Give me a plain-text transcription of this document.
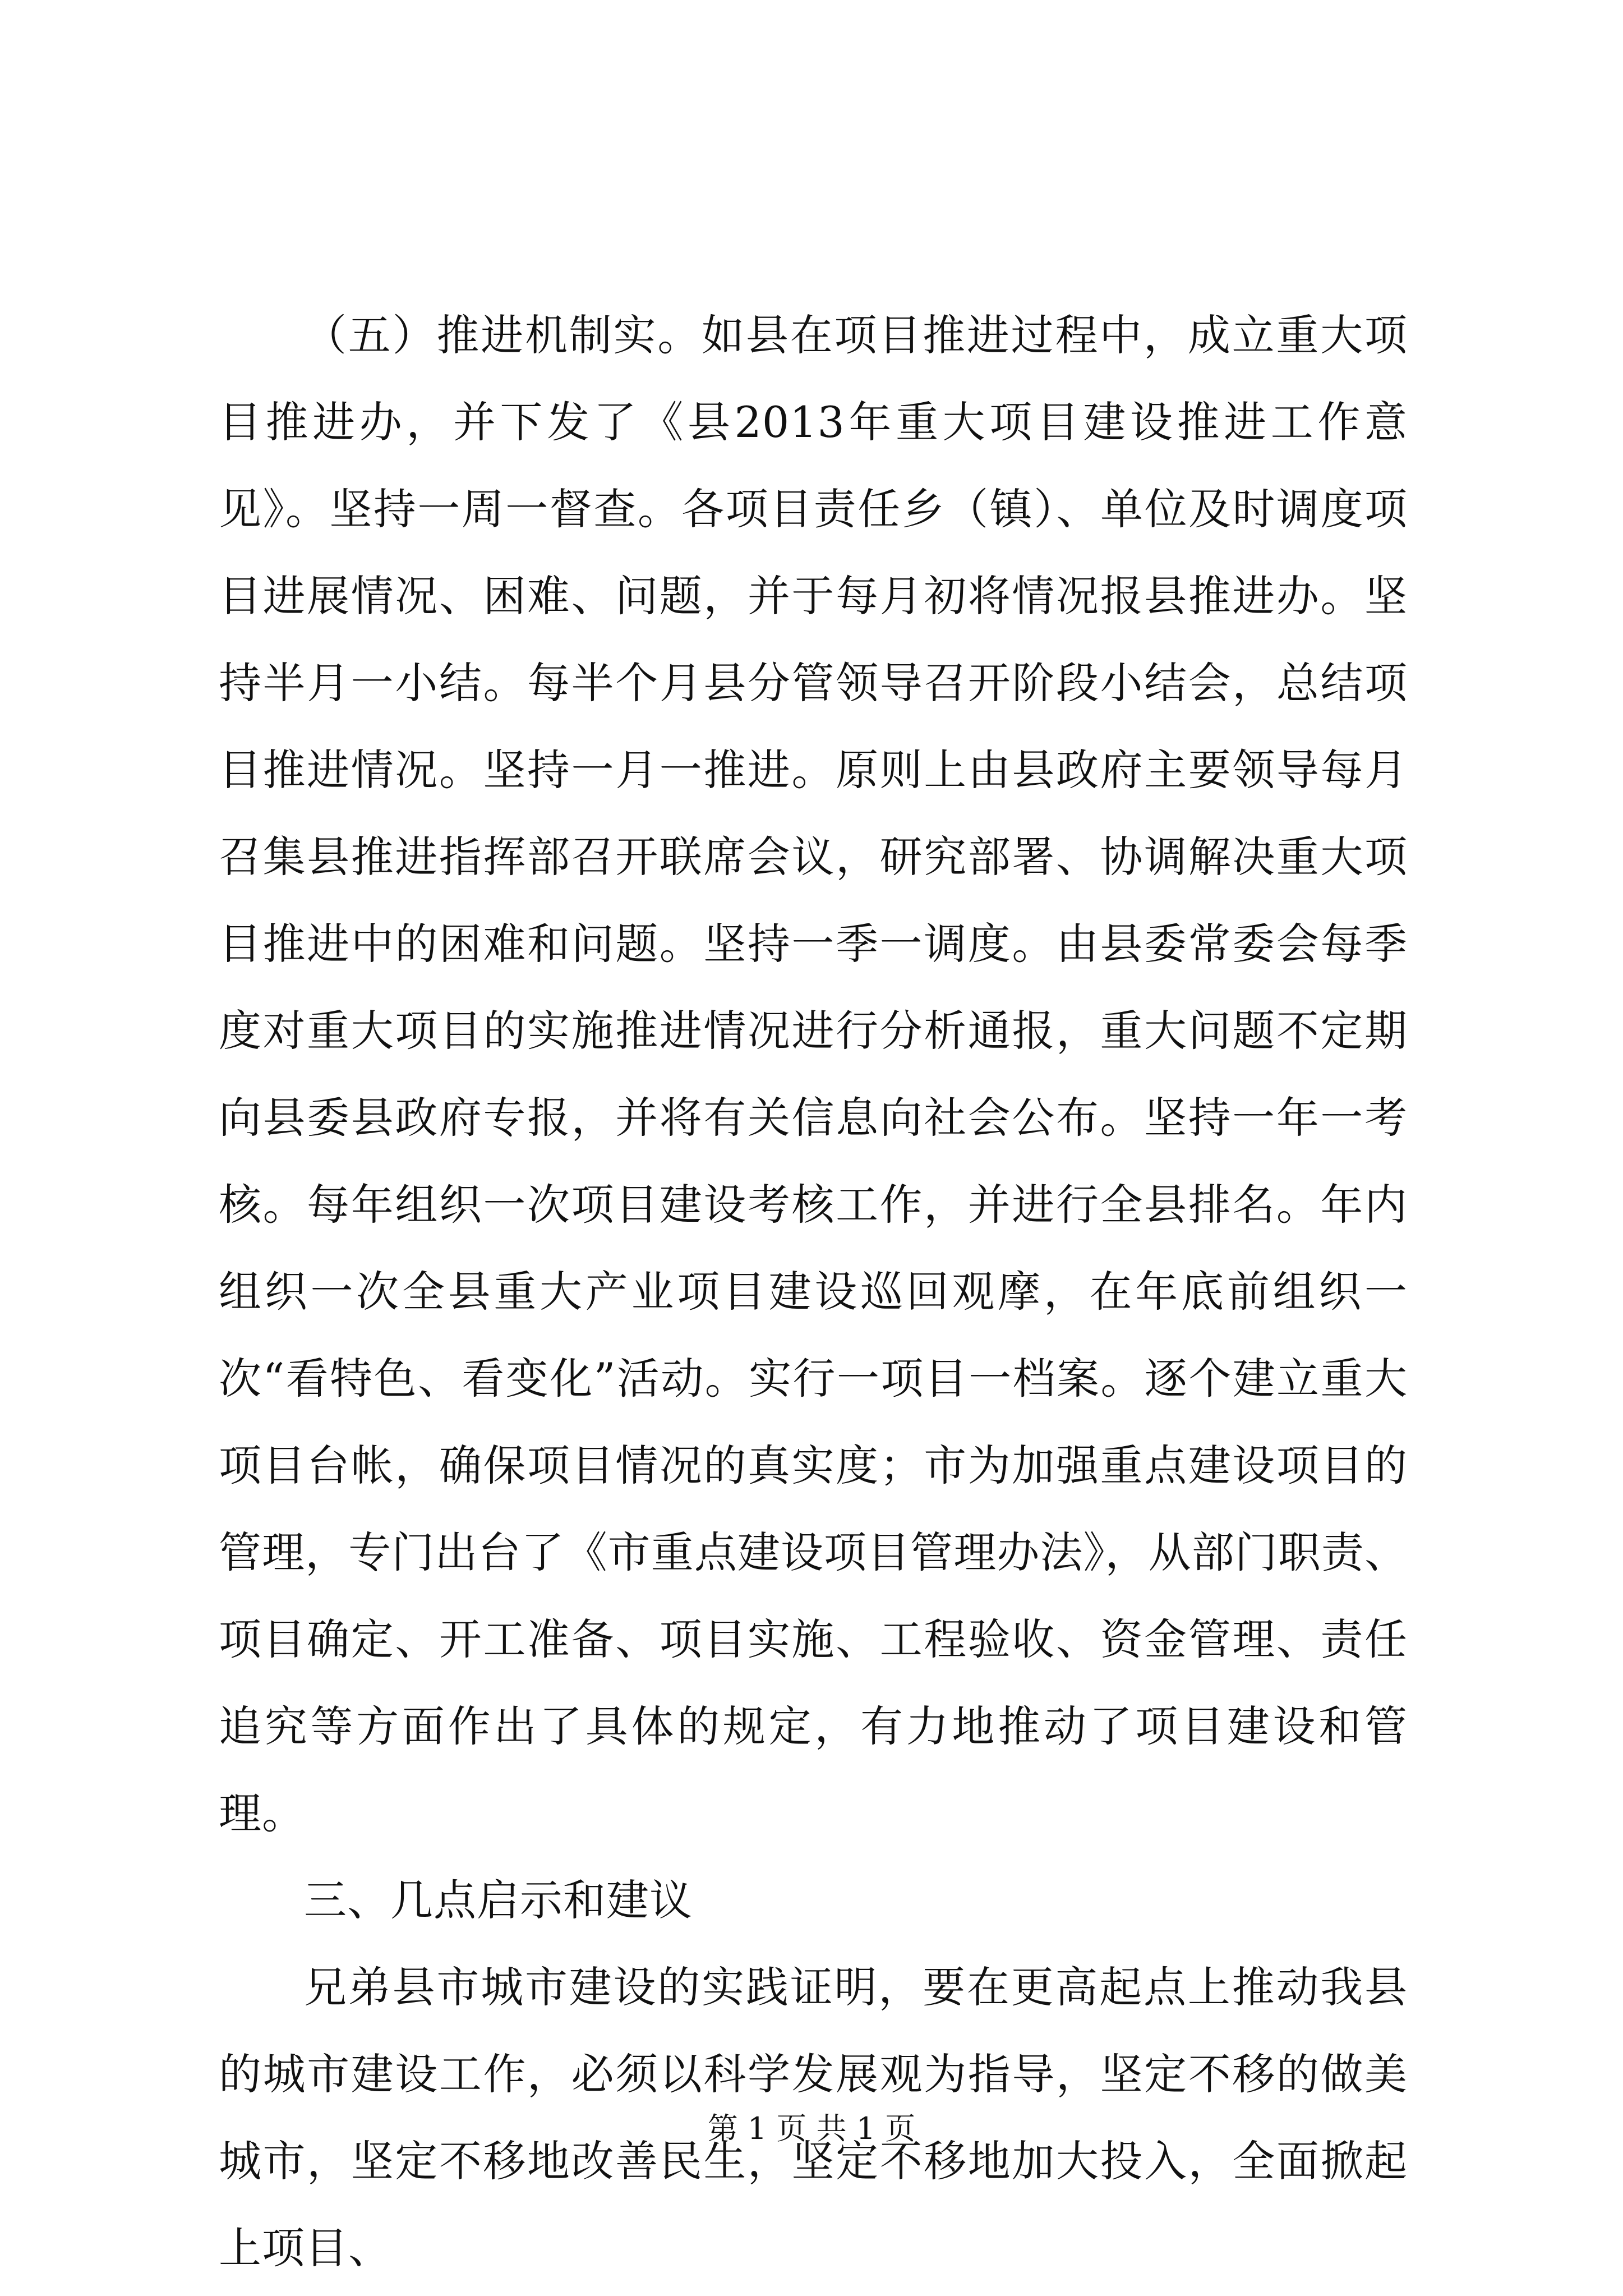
（五）推进机制实。如县在项目推进过程中，成立重大项目推进办，并下发了《县2013年重大项目建设推进工作意见》。坚持一周一督查。各项目责任乡（镇）、单位及时调度项目进展情况、困难、问题，并于每月初将情况报县推进办。坚持半月一小结。每半个月县分管领导召开阶段小结会，总结项目推进情况。坚持一月一推进。原则上由县政府主要领导每月召集县推进指挥部召开联席会议，研究部署、协调解决重大项目推进中的困难和问题。坚持一季一调度。由县委常委会每季度对重大项目的实施推进情况进行分析通报，重大问题不定期向县委县政府专报，并将有关信息向社会公布。坚持一年一考核。每年组织一次项目建设考核工作，并进行全县排名。年内组织一次全县重大产业项目建设巡回观摩，在年底前组织一次“看特色、看变化”活动。实行一项目一档案。逐个建立重大项目台帐，确保项目情况的真实度；市为加强重点建设项目的管理，专门出台了《市重点建设项目管理办法》，从部门职责、项目确定、开工准备、项目实施、工程验收、资金管理、责任追究等方面作出了具体的规定，有力地推动了项目建设和管理。

三、几点启示和建议

兄弟县市城市建设的实践证明，要在更高起点上推动我县的城市建设工作，必须以科学发展观为指导，坚定不移的做美城市，坚定不移地改善民生，坚定不移地加大投入，全面掀起上项目、

第 1 页 共 1 页
